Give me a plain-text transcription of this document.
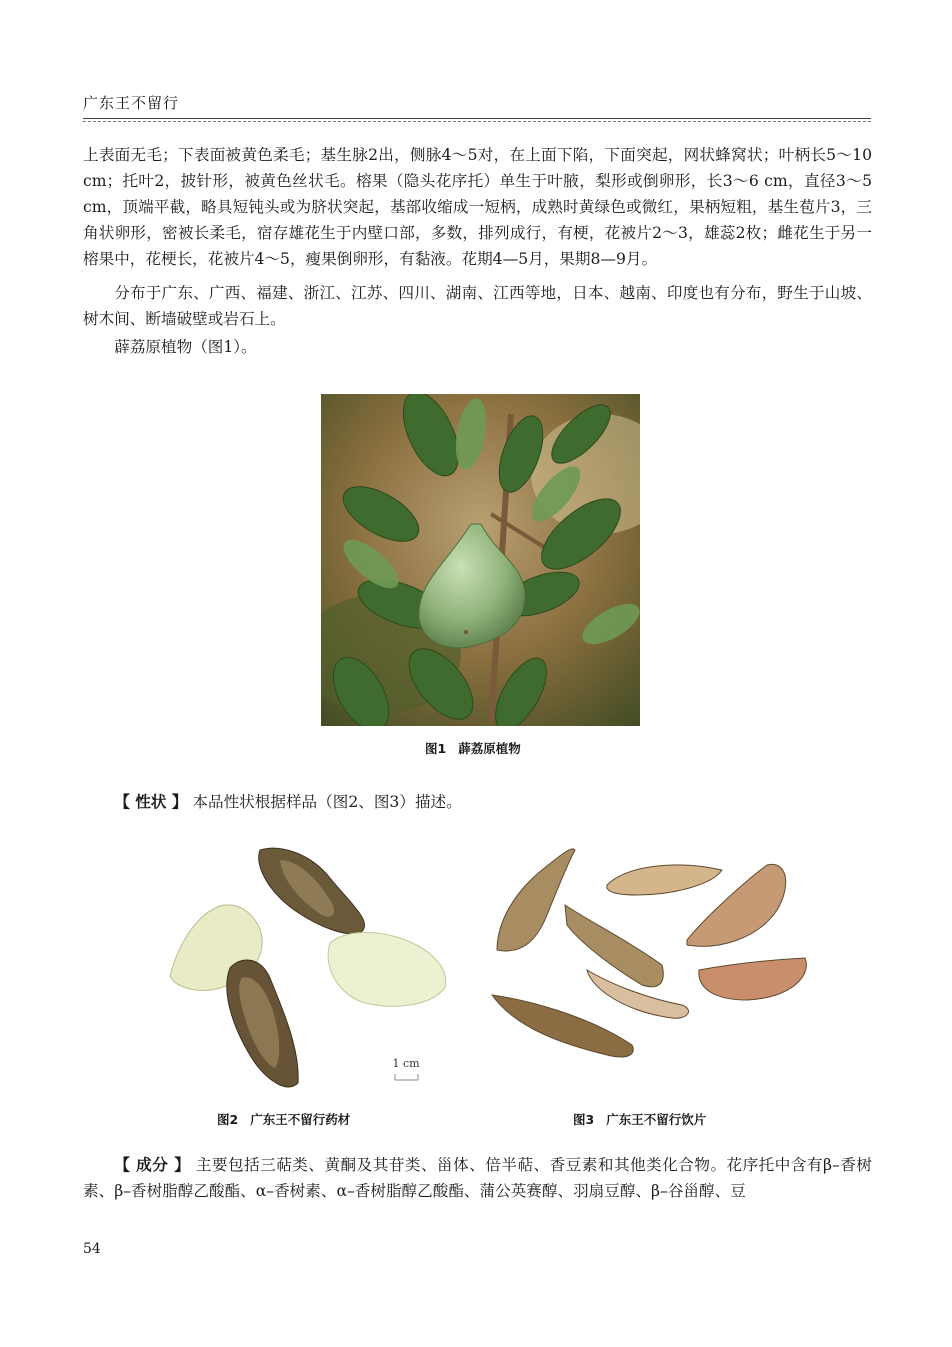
广东王不留行

上表面无毛；下表面被黄色柔毛；基生脉2出，侧脉4～5对，在上面下陷，下面突起，网状蜂窝状；叶柄长5～10 cm；托叶2，披针形，被黄色丝状毛。榕果（隐头花序托）单生于叶腋，梨形或倒卵形，长3～6 cm，直径3～5 cm，顶端平截，略具短钝头或为脐状突起，基部收缩成一短柄，成熟时黄绿色或微红，果柄短粗，基生苞片3，三角状卵形，密被长柔毛，宿存雄花生于内壁口部，多数，排列成行，有梗，花被片2～3，雄蕊2枚；雌花生于另一榕果中，花梗长，花被片4～5，瘦果倒卵形，有黏液。花期4—5月，果期8—9月。

分布于广东、广西、福建、浙江、江苏、四川、湖南、江西等地，日本、越南、印度也有分布，野生于山坡、树木间、断墙破壁或岩石上。

薜荔原植物（图1）。

图1 薜荔原植物
【 性状 】 本品性状根据样品（图2、图3）描述。
1 cm
图2 广东王不留行药材	图3 广东王不留行饮片
【 成分 】 主要包括三萜类、黄酮及其苷类、甾体、倍半萜、香豆素和其他类化合物。花序托中含有β–香树素、β–香树脂醇乙酸酯、α–香树素、α–香树脂醇乙酸酯、蒲公英赛醇、羽扇豆醇、β–谷甾醇、豆
54
